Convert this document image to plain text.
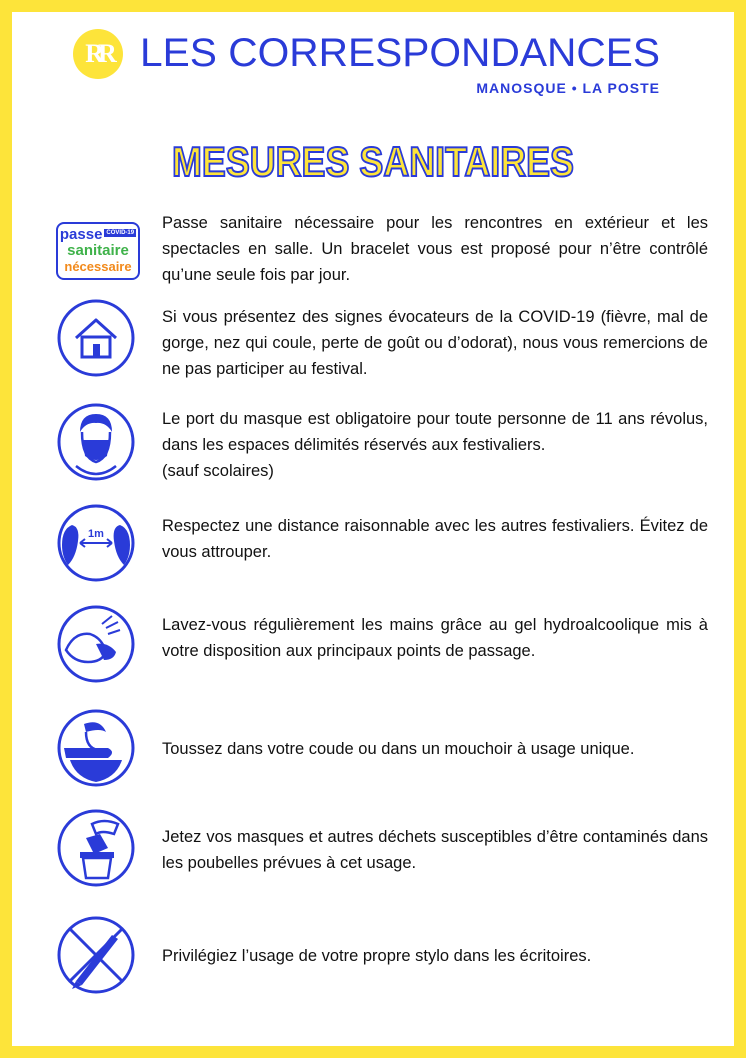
RR LES CORRESPONDANCES
MANOSQUE • LA POSTE
MESURES SANITAIRES
passe COVID-19
sanitaire
nécessaire
Passe sanitaire nécessaire pour les rencontres en extérieur et les spectacles en salle. Un bracelet vous est proposé pour n’être contrôlé qu’une seule fois par jour.
Si vous présentez des signes évocateurs de la COVID-19 (fièvre, mal de gorge, nez qui coule, perte de goût ou d’odorat), nous vous remercions de ne pas participer au festival.
Le port du masque est obligatoire pour toute personne de 11 ans révolus, dans les espaces délimités réservés aux festivaliers.
(sauf scolaires)
1m	Respectez une distance raisonnable avec les autres festivaliers. Évitez de vous attrouper.
Lavez-vous régulièrement les mains grâce au gel hydroalcoolique mis à votre disposition aux principaux points de passage.
Toussez dans votre coude ou dans un mouchoir à usage unique.
Jetez vos masques et autres déchets susceptibles d’être contaminés dans les poubelles prévues à cet usage.
Privilégiez l’usage de votre propre stylo dans les écritoires.
